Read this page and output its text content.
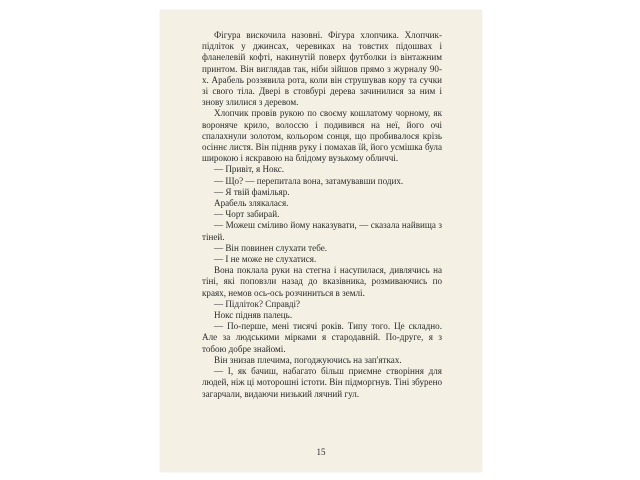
Фігура вискочила назовні. Фігура хлопчика. Хлопчик-підліток у джинсах, черевиках на товстих підошвах і фланелевій кофті, накинутій поверх футболки із вінтажним принтом. Він виглядав так, ніби зійшов прямо з журналу 90-х. Арабель роззявила рота, коли він струшував кору та сучки зі свого тіла. Двері в стовбурі дерева зачинилися за ним і знову злилися з деревом.

Хлопчик провів рукою по своєму кошлатому чорному, як вороняче крило, волоссю і подивився на неї, його очі спалахнули золотом, кольором сонця, що пробивалося крізь осіннє листя. Він підняв руку і помахав їй, його усмішка була широкою і яскравою на блідому вузькому обличчі.

— Привіт, я Нокс.

— Що? — перепитала вона, затамувавши подих.

— Я твій фамільяр.

Арабель злякалася.

— Чорт забирай.

— Можеш сміливо йому наказувати, — сказала найвища з тіней.

— Він повинен слухати тебе.

— І не може не слухатися.

Вона поклала руки на стегна і насупилася, дивлячись на тіні, які поповзли назад до вказівника, розмиваючись по краях, немов ось-ось розчиниться в землі.

— Підліток? Справді?

Нокс підняв палець.

— По-перше, мені тисячі років. Типу того. Це складно. Але за людськими мірками я стародавній. По-друге, я з тобою добре знайомі.

Він знизав плечима, погоджуючись на зап'ятках.

— І, як бачиш, набагато більш приємне створіння для людей, ніж ці моторошні істоти. Він підморгнув. Тіні збурено загарчали, видаючи низький лячний гул.

15
